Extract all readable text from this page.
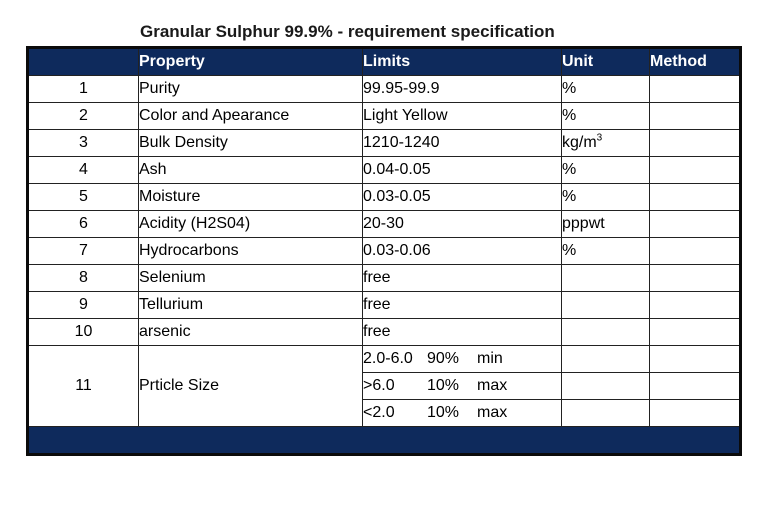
Granular Sulphur 99.9% - requirement specification
	Property	Limits	Unit	Method
1	Purity	99.95-99.9	%	
2	Color and Apearance	Light Yellow	%	
3	Bulk Density	1210-1240	$kg/m^3$	
4	Ash	0.04-0.05	%	
5	Moisture	0.03-0.05	%	
6	Acidity (H2S04)	20-30	pppwt	
7	Hydrocarbons	0.03-0.06	%	
8	Selenium	free		
9	Tellurium	free		
10	arsenic	free		
11	Prticle Size	2.0-6.0 90% min		
		>6.0 10% max		
		<2.0 10% max		
